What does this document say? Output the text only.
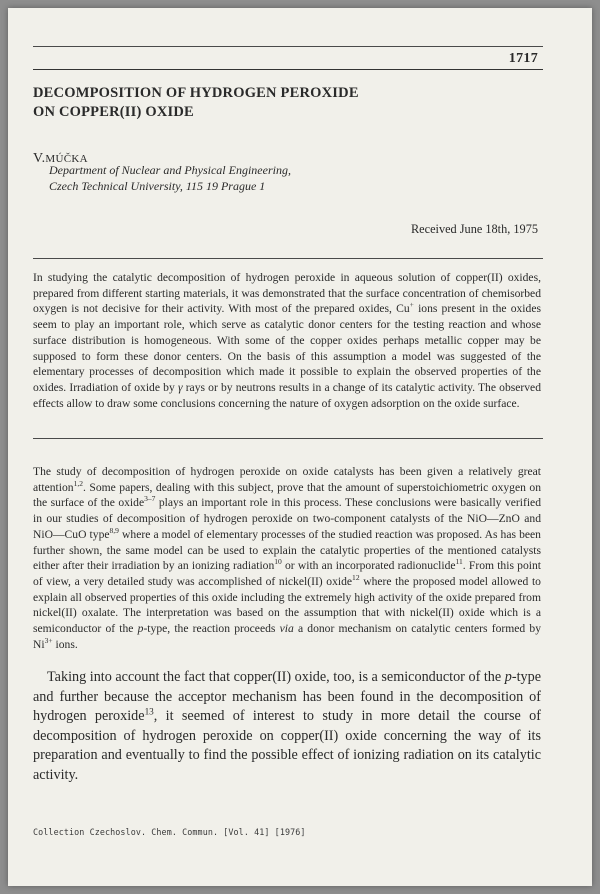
1717
DECOMPOSITION OF HYDROGEN PEROXIDE
ON COPPER(II) OXIDE
V.MÚČKA
Department of Nuclear and Physical Engineering,
Czech Technical University, 115 19 Prague 1
Received June 18th, 1975

In studying the catalytic decomposition of hydrogen peroxide in aqueous solution of copper(II) oxides, prepared from different starting materials, it was demonstrated that the surface concentration of chemisorbed oxygen is not decisive for their activity. With most of the prepared oxides, Cu+ ions present in the oxides seem to play an important role, which serve as catalytic donor centers for the testing reaction and whose surface distribution is homogeneous. With some of the copper oxides perhaps metallic copper may be supposed to form these donor centers. On the basis of this assumption a model was suggested of the elementary processes of decomposition which made it possible to explain the observed properties of the oxides. Irradiation of oxide by γ rays or by neutrons results in a change of its catalytic activity. The observed effects allow to draw some conclusions concerning the nature of oxygen adsorption on the oxide surface.

The study of decomposition of hydrogen peroxide on oxide catalysts has been given a relatively great attention$^{1,2}$. Some papers, dealing with this subject, prove that the amount of superstoichiometric oxygen on the surface of the oxide$^{3-7}$ plays an important role in this process. These conclusions were basically verified in our studies of decomposition of hydrogen peroxide on two-component catalysts of the NiO—ZnO and NiO—CuO type$^{8,9}$ where a model of elementary processes of the studied reaction was proposed. As has been further shown, the same model can be used to explain the catalytic properties of the mentioned catalysts either after their irradiation by an ionizing radiation$^{10}$ or with an incorporated radionuclide$^{11}$. From this point of view, a very detailed study was accomplished of nickel(II) oxide$^{12}$ where the proposed model allowed to explain all observed properties of this oxide including the extremely high activity of the oxide prepared from nickel(II) oxalate. The interpretation was based on the assumption that with nickel(II) oxide which is a semiconductor of the p-type, the reaction proceeds via a donor mechanism on catalytic centers formed by $Ni^{3+}$ ions.

Taking into account the fact that copper(II) oxide, too, is a semiconductor of the p-type and further because the acceptor mechanism has been found in the decomposition of hydrogen peroxide$^{13}$, it seemed of interest to study in more detail the course of decomposition of hydrogen peroxide on copper(II) oxide concerning the way of its preparation and eventually to find the possible effect of ionizing radiation on its catalytic activity.

Collection Czechoslov. Chem. Commun. [Vol. 41] [1976]
